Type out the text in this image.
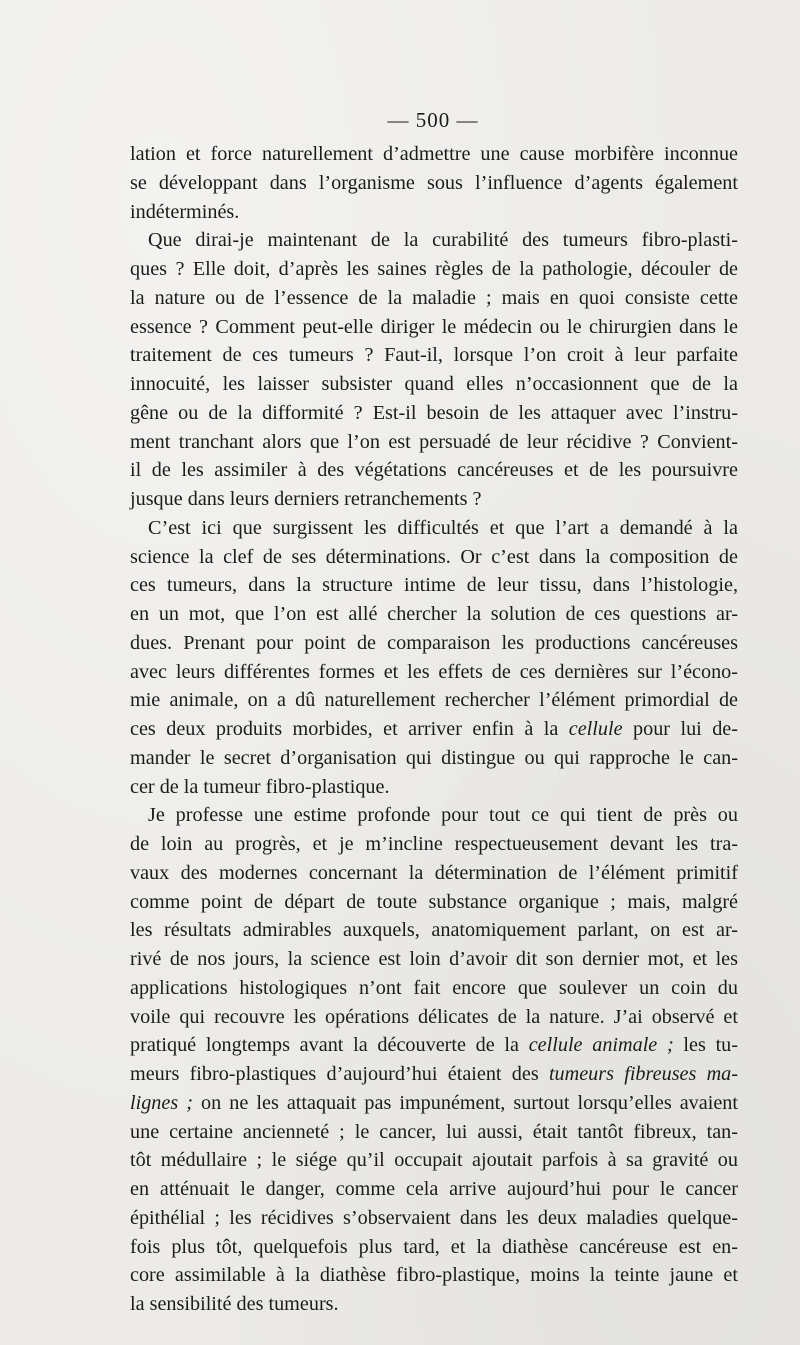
— 500 —
lation et force naturellement d’admettre une cause morbifère inconnue
se développant dans l’organisme sous l’influence d’agents également
indéterminés.
Que dirai-je maintenant de la curabilité des tumeurs fibro-plasti-
ques ? Elle doit, d’après les saines règles de la pathologie, découler de
la nature ou de l’essence de la maladie ; mais en quoi consiste cette
essence ? Comment peut-elle diriger le médecin ou le chirurgien dans le
traitement de ces tumeurs ? Faut-il, lorsque l’on croit à leur parfaite
innocuité, les laisser subsister quand elles n’occasionnent que de la
gêne ou de la difformité ? Est-il besoin de les attaquer avec l’instru-
ment tranchant alors que l’on est persuadé de leur récidive ? Convient-
il de les assimiler à des végétations cancéreuses et de les poursuivre
jusque dans leurs derniers retranchements ?
C’est ici que surgissent les difficultés et que l’art a demandé à la
science la clef de ses déterminations. Or c’est dans la composition de
ces tumeurs, dans la structure intime de leur tissu, dans l’histologie,
en un mot, que l’on est allé chercher la solution de ces questions ar-
dues. Prenant pour point de comparaison les productions cancéreuses
avec leurs différentes formes et les effets de ces dernières sur l’écono-
mie animale, on a dû naturellement rechercher l’élément primordial de
ces deux produits morbides, et arriver enfin à la cellule pour lui de-
mander le secret d’organisation qui distingue ou qui rapproche le can-
cer de la tumeur fibro-plastique.
Je professe une estime profonde pour tout ce qui tient de près ou
de loin au progrès, et je m’incline respectueusement devant les tra-
vaux des modernes concernant la détermination de l’élément primitif
comme point de départ de toute substance organique ; mais, malgré
les résultats admirables auxquels, anatomiquement parlant, on est ar-
rivé de nos jours, la science est loin d’avoir dit son dernier mot, et les
applications histologiques n’ont fait encore que soulever un coin du
voile qui recouvre les opérations délicates de la nature. J’ai observé et
pratiqué longtemps avant la découverte de la cellule animale ; les tu-
meurs fibro-plastiques d’aujourd’hui étaient des tumeurs fibreuses ma-
lignes ; on ne les attaquait pas impunément, surtout lorsqu’elles avaient
une certaine ancienneté ; le cancer, lui aussi, était tantôt fibreux, tan-
tôt médullaire ; le siége qu’il occupait ajoutait parfois à sa gravité ou
en atténuait le danger, comme cela arrive aujourd’hui pour le cancer
épithélial ; les récidives s’observaient dans les deux maladies quelque-
fois plus tôt, quelquefois plus tard, et la diathèse cancéreuse est en-
core assimilable à la diathèse fibro-plastique, moins la teinte jaune et
la sensibilité des tumeurs.
